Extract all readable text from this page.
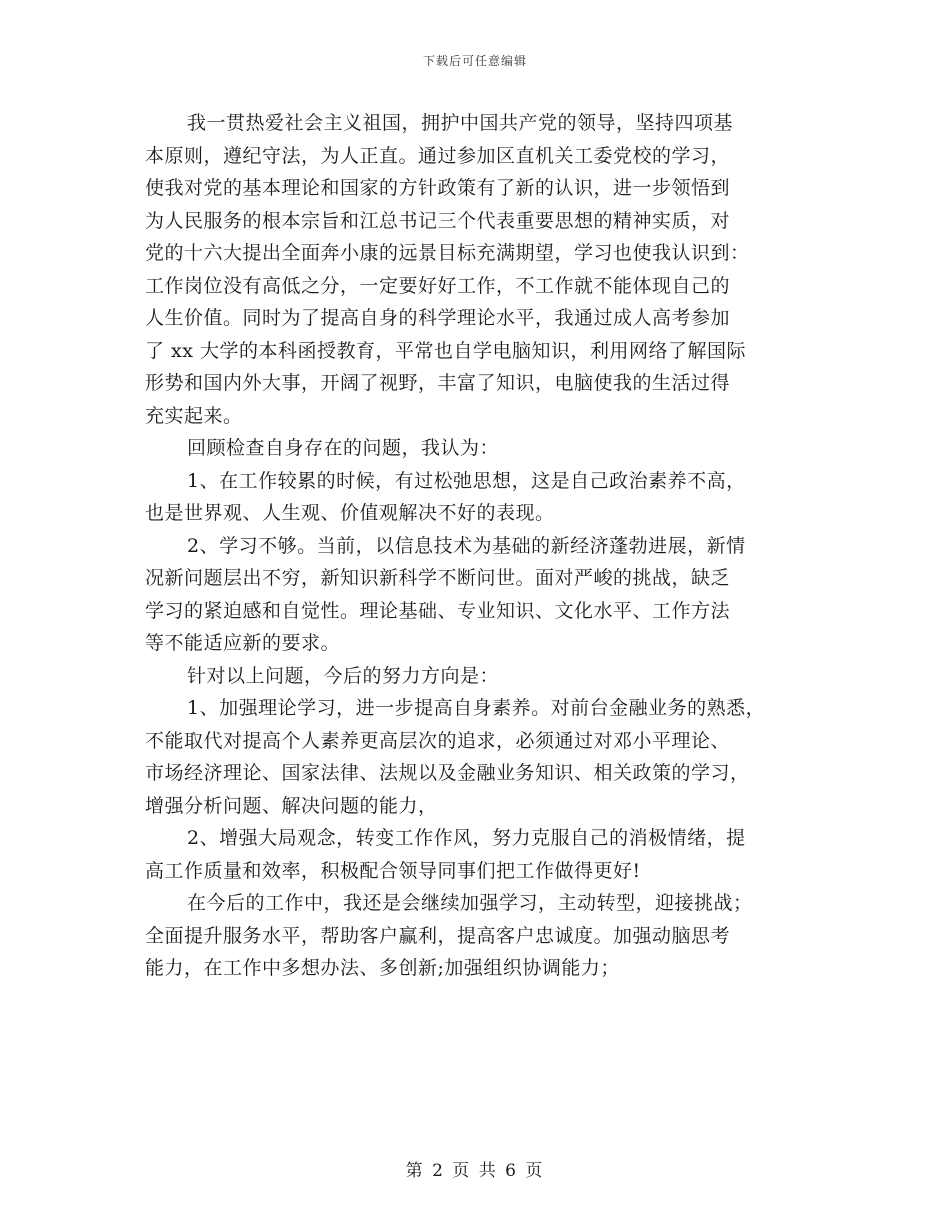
下载后可任意编辑
我一贯热爱社会主义祖国，拥护中国共产党的领导，坚持四项基
本原则，遵纪守法，为人正直。通过参加区直机关工委党校的学习，
使我对党的基本理论和国家的方针政策有了新的认识，进一步领悟到
为人民服务的根本宗旨和江总书记三个代表重要思想的精神实质，对
党的十六大提出全面奔小康的远景目标充满期望，学习也使我认识到：
工作岗位没有高低之分，一定要好好工作，不工作就不能体现自己的
人生价值。同时为了提高自身的科学理论水平，我通过成人高考参加
了 xx 大学的本科函授教育，平常也自学电脑知识，利用网络了解国际
形势和国内外大事，开阔了视野，丰富了知识，电脑使我的生活过得
充实起来。
回顾检查自身存在的问题，我认为：
1、在工作较累的时候，有过松弛思想，这是自己政治素养不高，
也是世界观、人生观、价值观解决不好的表现。
2、学习不够。当前，以信息技术为基础的新经济蓬勃进展，新情
况新问题层出不穷，新知识新科学不断问世。面对严峻的挑战，缺乏
学习的紧迫感和自觉性。理论基础、专业知识、文化水平、工作方法
等不能适应新的要求。
针对以上问题，今后的努力方向是：
1、加强理论学习，进一步提高自身素养。对前台金融业务的熟悉，
不能取代对提高个人素养更高层次的追求，必须通过对邓小平理论、
市场经济理论、国家法律、法规以及金融业务知识、相关政策的学习，
增强分析问题、解决问题的能力，
2、增强大局观念，转变工作作风，努力克服自己的消极情绪，提
高工作质量和效率，积极配合领导同事们把工作做得更好!
在今后的工作中，我还是会继续加强学习，主动转型，迎接挑战；
全面提升服务水平，帮助客户赢利，提高客户忠诚度。加强动脑思考
能力，在工作中多想办法、多创新;加强组织协调能力；
第 2 页 共 6 页
